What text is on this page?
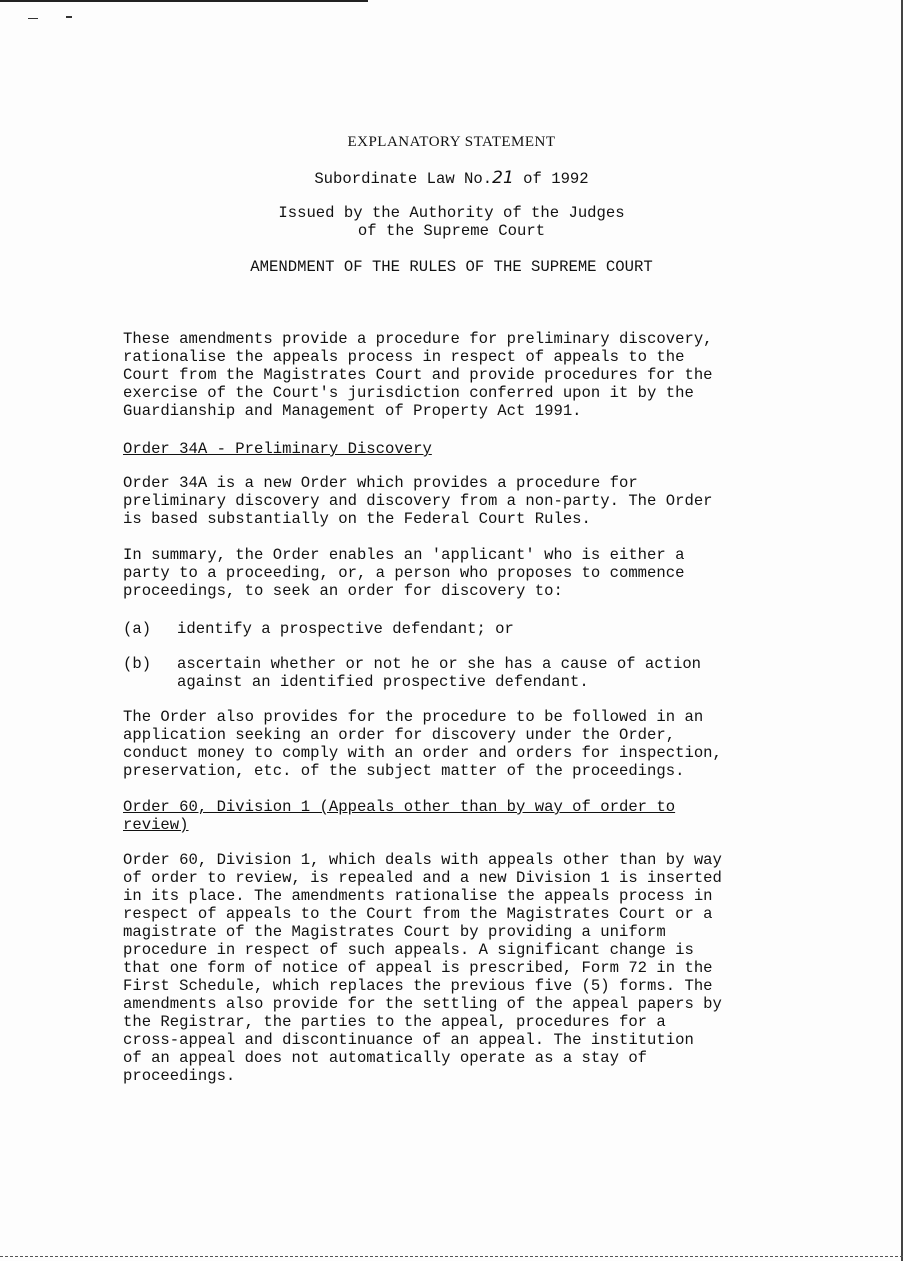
EXPLANATORY STATEMENT
Subordinate Law No.21 of 1992
Issued by the Authority of the Judges
of the Supreme Court
AMENDMENT OF THE RULES OF THE SUPREME COURT
These amendments provide a procedure for preliminary discovery,
rationalise the appeals process in respect of appeals to the
Court from the Magistrates Court and provide procedures for the
exercise of the Court's jurisdiction conferred upon it by the
Guardianship and Management of Property Act 1991.
Order 34A - Preliminary Discovery
Order 34A is a new Order which provides a procedure for
preliminary discovery and discovery from a non-party. The Order
is based substantially on the Federal Court Rules.
In summary, the Order enables an 'applicant' who is either a
party to a proceeding, or, a person who proposes to commence
proceedings, to seek an order for discovery to:
(a) identify a prospective defendant; or
(b) ascertain whether or not he or she has a cause of action
against an identified prospective defendant.
The Order also provides for the procedure to be followed in an
application seeking an order for discovery under the Order,
conduct money to comply with an order and orders for inspection,
preservation, etc. of the subject matter of the proceedings.
Order 60, Division 1 (Appeals other than by way of order to
review)
Order 60, Division 1, which deals with appeals other than by way
of order to review, is repealed and a new Division 1 is inserted
in its place. The amendments rationalise the appeals process in
respect of appeals to the Court from the Magistrates Court or a
magistrate of the Magistrates Court by providing a uniform
procedure in respect of such appeals. A significant change is
that one form of notice of appeal is prescribed, Form 72 in the
First Schedule, which replaces the previous five (5) forms. The
amendments also provide for the settling of the appeal papers by
the Registrar, the parties to the appeal, procedures for a
cross-appeal and discontinuance of an appeal. The institution
of an appeal does not automatically operate as a stay of
proceedings.
